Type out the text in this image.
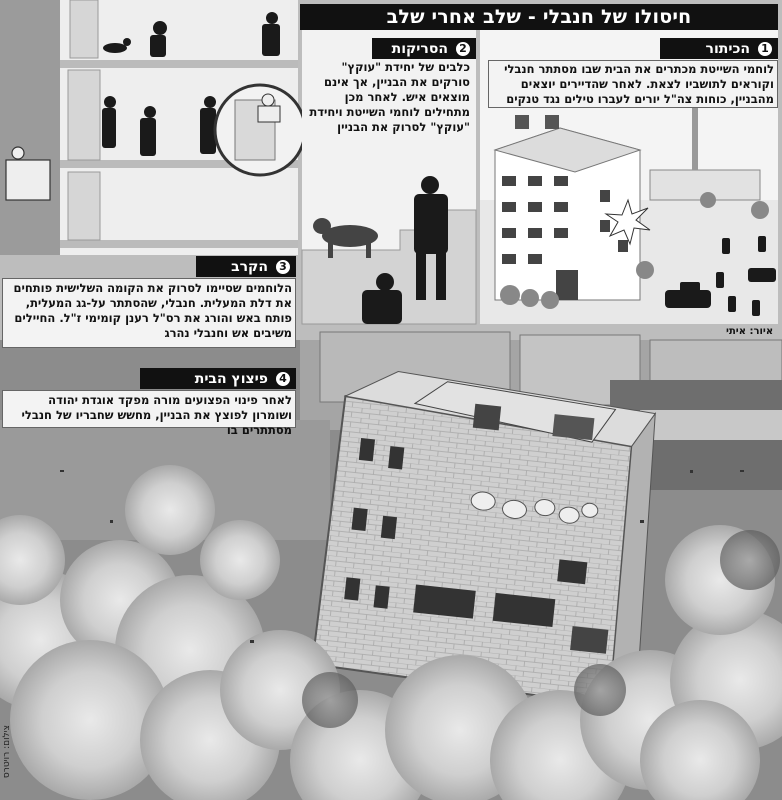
חיסולו של חנבלי - שלב אחרי שלב
1
הכיתור
לוחמי השייטת מכתרים את הבית שבו מסתתר חנבלי וקוראים לתושביו לצאת. לאחר שהדיירים יוצאים מהבניין, כוחות צה"ל יורים לעברו טילים נגד טנקים
2
הסריקות
כלבים של יחידת "עוקץ" סורקים את הבניין, אך אינם מוצאים איש. לאחר מכן מתחילים לוחמי השייטת ויחידת "עוקץ" לסרוק את הבניין
3
הקרב
הלוחמים שסיימו לסרוק את הקומה השלישית פותחים את דלת המעלית. חנבלי, שהסתתר על-גג המעלית, פותח באש והורג את רס"ל רענן קומימי ז"ל. החיילים משיבים אש וחנבלי נהרג
4
פיצוץ הבית
לאחר פינוי הפצועים מורה מפקד אוגדת יהודה ושומרון לפוצץ את הבניין, מחשש שחבריו של חנבלי מסתתרים בו
איור: איתי
צילום: רויטרס
